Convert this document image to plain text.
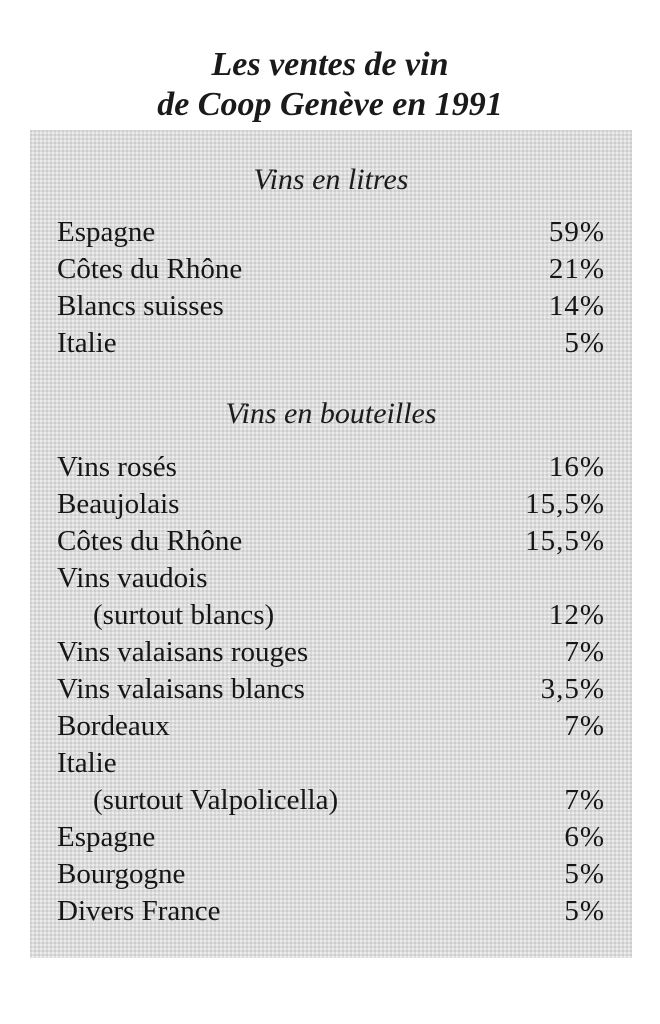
Les ventes de vin
de Coop Genève en 1991
Vins en litres
Espagne	59%
Côtes du Rhône	21%
Blancs suisses	14%
Italie	5%
Vins en bouteilles
Vins rosés	16%
Beaujolais	15,5%
Côtes du Rhône	15,5%
Vins vaudois
(surtout blancs)	12%
Vins valaisans rouges	7%
Vins valaisans blancs	3,5%
Bordeaux	7%
Italie
(surtout Valpolicella)	7%
Espagne	6%
Bourgogne	5%
Divers France	5%
